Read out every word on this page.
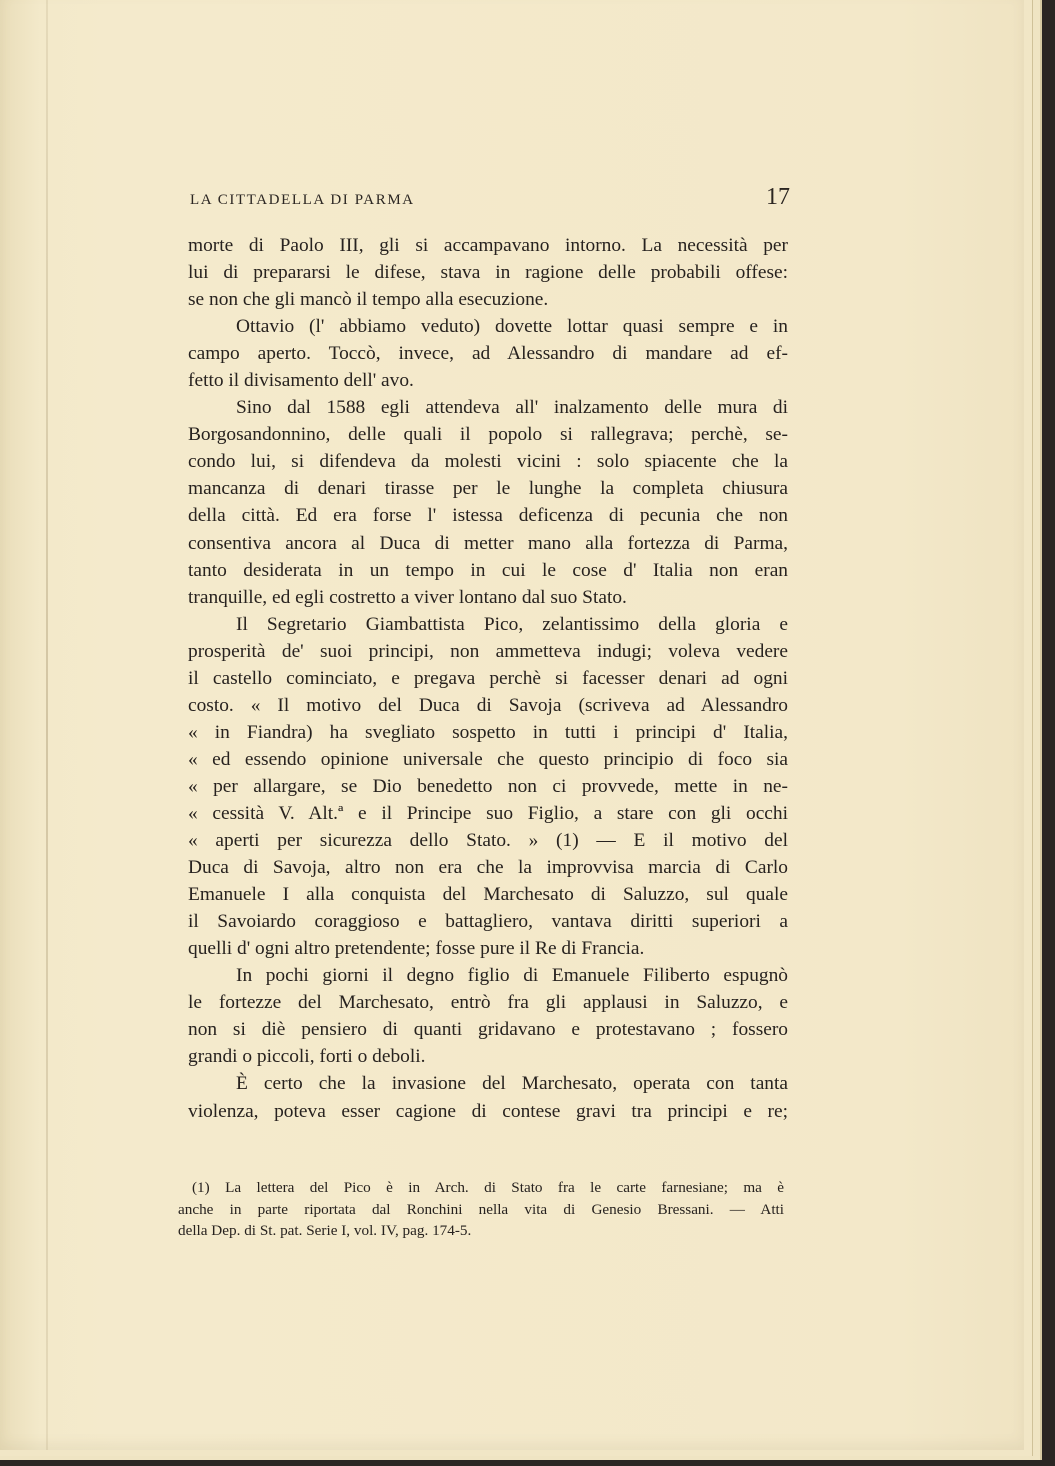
LA CITTADELLA DI PARMA	17

morte di Paolo III, gli si accampavano intorno. La necessità per
lui di prepararsi le difese, stava in ragione delle probabili offese:
se non che gli mancò il tempo alla esecuzione.

Ottavio (l' abbiamo veduto) dovette lottar quasi sempre e in
campo aperto. Toccò, invece, ad Alessandro di mandare ad ef-
fetto il divisamento dell' avo.

Sino dal 1588 egli attendeva all' inalzamento delle mura di
Borgosandonnino, delle quali il popolo si rallegrava; perchè, se-
condo lui, si difendeva da molesti vicini : solo spiacente che la
mancanza di denari tirasse per le lunghe la completa chiusura
della città. Ed era forse l' istessa deficenza di pecunia che non
consentiva ancora al Duca di metter mano alla fortezza di Parma,
tanto desiderata in un tempo in cui le cose d' Italia non eran
tranquille, ed egli costretto a viver lontano dal suo Stato.

Il Segretario Giambattista Pico, zelantissimo della gloria e
prosperità de' suoi principi, non ammetteva indugi; voleva vedere
il castello cominciato, e pregava perchè si facesser denari ad ogni
costo. « Il motivo del Duca di Savoja (scriveva ad Alessandro
« in Fiandra) ha svegliato sospetto in tutti i principi d' Italia,
« ed essendo opinione universale che questo principio di foco sia
« per allargare, se Dio benedetto non ci provvede, mette in ne-
« cessità V. Alt.ª e il Principe suo Figlio, a stare con gli occhi
« aperti per sicurezza dello Stato. » (1) — E il motivo del
Duca di Savoja, altro non era che la improvvisa marcia di Carlo
Emanuele I alla conquista del Marchesato di Saluzzo, sul quale
il Savoiardo coraggioso e battagliero, vantava diritti superiori a
quelli d' ogni altro pretendente; fosse pure il Re di Francia.

In pochi giorni il degno figlio di Emanuele Filiberto espugnò
le fortezze del Marchesato, entrò fra gli applausi in Saluzzo, e
non si diè pensiero di quanti gridavano e protestavano ; fossero
grandi o piccoli, forti o deboli.

È certo che la invasione del Marchesato, operata con tanta
violenza, poteva esser cagione di contese gravi tra principi e re;

(1) La lettera del Pico è in Arch. di Stato fra le carte farnesiane; ma è
anche in parte riportata dal Ronchini nella vita di Genesio Bressani. — Atti
della Dep. di St. pat. Serie I, vol. IV, pag. 174-5.
